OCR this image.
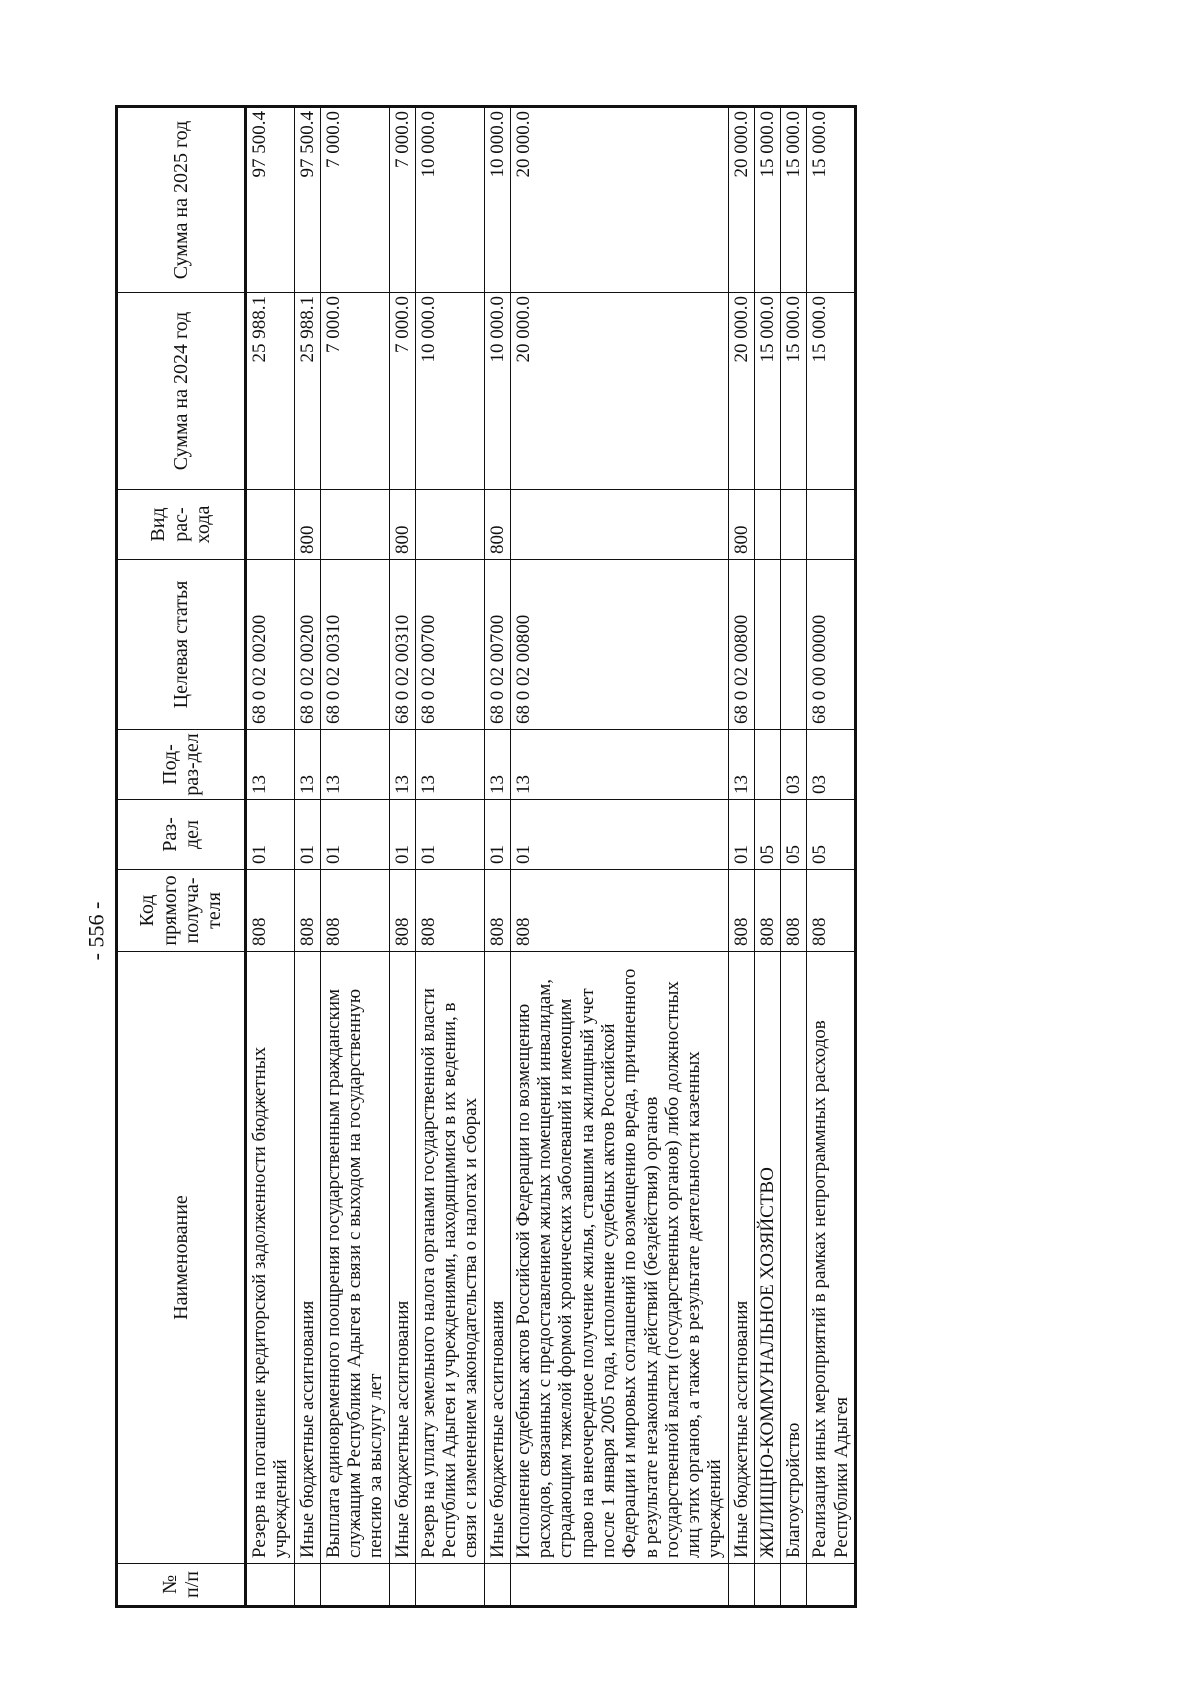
- 556 -
№ п/п	Наименование	Код прямого получа-теля	Раз-дел	Под-раз-дел	Целевая статья	Вид рас-хода	Сумма на 2024 год	Сумма на 2025 год
	Резерв на погашение кредиторской задолженности бюджетных учреждений	808	01	13	68 0 02 00200		25 988.1	97 500.4
	Иные бюджетные ассигнования	808	01	13	68 0 02 00200	800	25 988.1	97 500.4
	Выплата единовременного поощрения государственным гражданским служащим Республики Адыгея в связи с выходом на государственную пенсию за выслугу лет	808	01	13	68 0 02 00310		7 000.0	7 000.0
	Иные бюджетные ассигнования	808	01	13	68 0 02 00310	800	7 000.0	7 000.0
	Резерв на уплату земельного налога органами государственной власти Республики Адыгея и учреждениями, находящимися в их ведении, в связи с изменением законодательства о налогах и сборах	808	01	13	68 0 02 00700		10 000.0	10 000.0
	Иные бюджетные ассигнования	808	01	13	68 0 02 00700	800	10 000.0	10 000.0
	Исполнение судебных актов Российской Федерации по возмещению расходов, связанных с предоставлением жилых помещений инвалидам, страдающим тяжелой формой хронических заболеваний и имеющим право на внеочередное получение жилья, ставшим на жилищный учет после 1 января 2005 года, исполнение судебных актов Российской Федерации и мировых соглашений по возмещению вреда, причиненного в результате незаконных действий (бездействия) органов государственной власти (государственных органов) либо должностных лиц этих органов, а также в результате деятельности казенных учреждений	808	01	13	68 0 02 00800		20 000.0	20 000.0
	Иные бюджетные ассигнования	808	01	13	68 0 02 00800	800	20 000.0	20 000.0
	ЖИЛИЩНО-КОММУНАЛЬНОЕ ХОЗЯЙСТВО	808	05				15 000.0	15 000.0
	Благоустройство	808	05	03			15 000.0	15 000.0
	Реализация иных мероприятий в рамках непрограммных расходов Республики Адыгея	808	05	03	68 0 00 00000		15 000.0	15 000.0
